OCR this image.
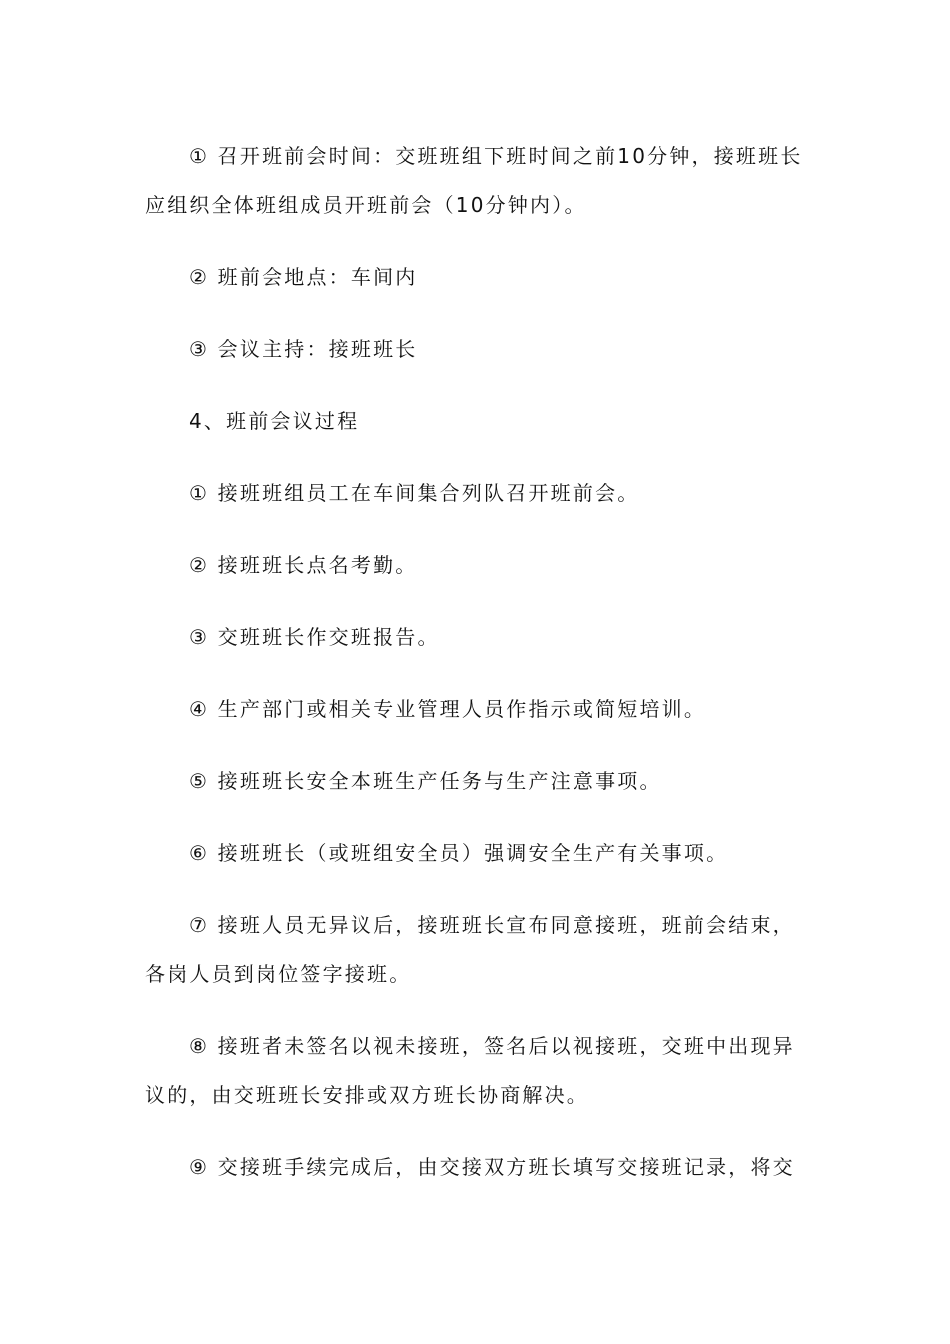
① 召开班前会时间：交班班组下班时间之前10分钟，接班班长应组织全体班组成员开班前会（10分钟内）。

② 班前会地点：车间内

③ 会议主持：接班班长

4、班前会议过程

① 接班班组员工在车间集合列队召开班前会。

② 接班班长点名考勤。

③ 交班班长作交班报告。

④ 生产部门或相关专业管理人员作指示或简短培训。

⑤ 接班班长安全本班生产任务与生产注意事项。

⑥ 接班班长（或班组安全员）强调安全生产有关事项。

⑦ 接班人员无异议后，接班班长宣布同意接班，班前会结束，各岗人员到岗位签字接班。

⑧ 接班者未签名以视未接班，签名后以视接班，交班中出现异议的，由交班班长安排或双方班长协商解决。

⑨ 交接班手续完成后，由交接双方班长填写交接班记录，将交
